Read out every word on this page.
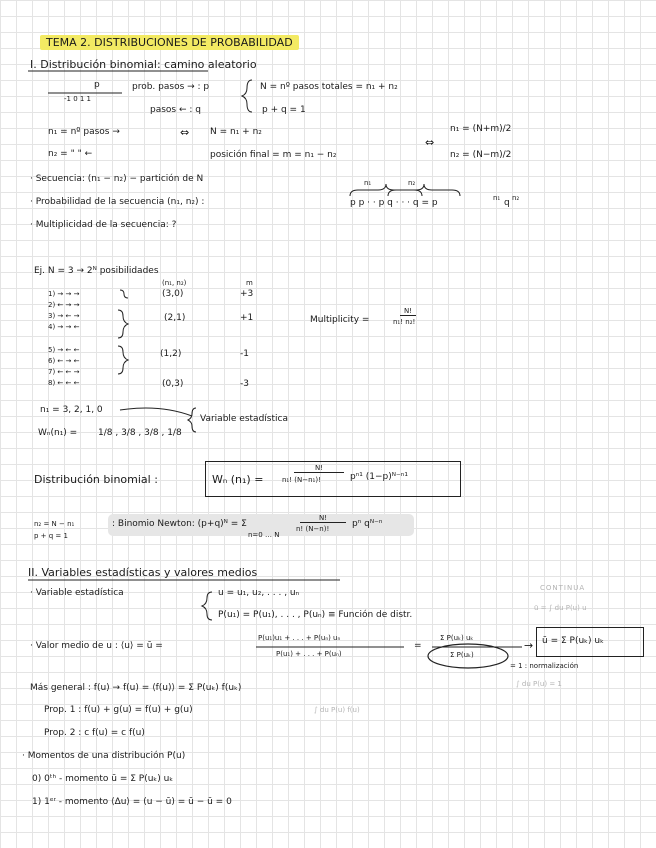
TEMA 2. DISTRIBUCIONES DE PROBABILIDAD
I. Distribución binomial: camino aleatorio
p
-1 0 1 1
prob. pasos → : p
pasos ← : q
N = nº pasos totales = n₁ + n₂
p + q = 1
n₁ = nº pasos →
n₂ = " " ←
⇔ N = n₁ + n₂
posición final = m = n₁ − n₂
⇔
n₁ = (N+m)/2
n₂ = (N−m)/2
· Secuencia: (n₁ − n₂) − partición de N
· Probabilidad de la secuencia (n₁, n₂) :
n₁	n₂
p p · · p q · · · q = p	n₁ q n₂
· Multiplicidad de la secuencia: ?
Ej. N = 3 → 2ᴺ posibilidades
(n₁, n₂)	m
1) → → →
2) ← → →
3) → ← →
4) → → ←
5) → ← ←
6) ← → ←
7) ← ← →
8) ← ← ←
(3,0)	+3
(2,1)	+1
(1,2)	-1
(0,3)	-3
Multiplicity =
N!
n₁! n₂!
n₁ = 3, 2, 1, 0
Wₙ(n₁) = 1/8 , 3/8 , 3/8 , 1/8
Variable estadística
Distribución binomial :	Wₙ (n₁) =
N!
n₁! (N−n₁)!	pⁿ¹ (1−p)ᴺ⁻ⁿ¹
n₂ = N − n₁
p + q = 1
: Binomio Newton: (p+q)ᴺ = Σ
n=0 … N
N!
n! (N−n)!	pⁿ qᴺ⁻ⁿ
II. Variables estadísticas y valores medios
· Variable estadística	u = u₁, u₂, . . . , uₙ
P(u₁) = P(u₁), . . . , P(uₙ) ≡ Función de distr.
CONTINUA
ū = ∫ du P(u) u
· Valor medio de u : ⟨u⟩ = ū =
P(u₁)u₁ + . . . + P(uₙ) uₙ
P(u₁) + . . . + P(uₙ)
=
Σ P(uₖ) uₖ
Σ P(uₖ)
→ ū = Σ P(uₖ) uₖ
= 1 : normalización
∫ du P(u) = 1
Más general : f(u) → f(u) = ⟨f(u)⟩ = Σ P(uₖ) f(uₖ)
∫ du P(u) f(u)
Prop. 1 : f(u) + g(u) = f(u) + g(u)
Prop. 2 : c f(u) = c f(u)
· Momentos de una distribución P(u)
0) 0ᵗʰ - momento ū = Σ P(uₖ) uₖ
1) 1ᵉʳ - momento ⟨Δu⟩ = (u − ū) = ū − ū = 0
